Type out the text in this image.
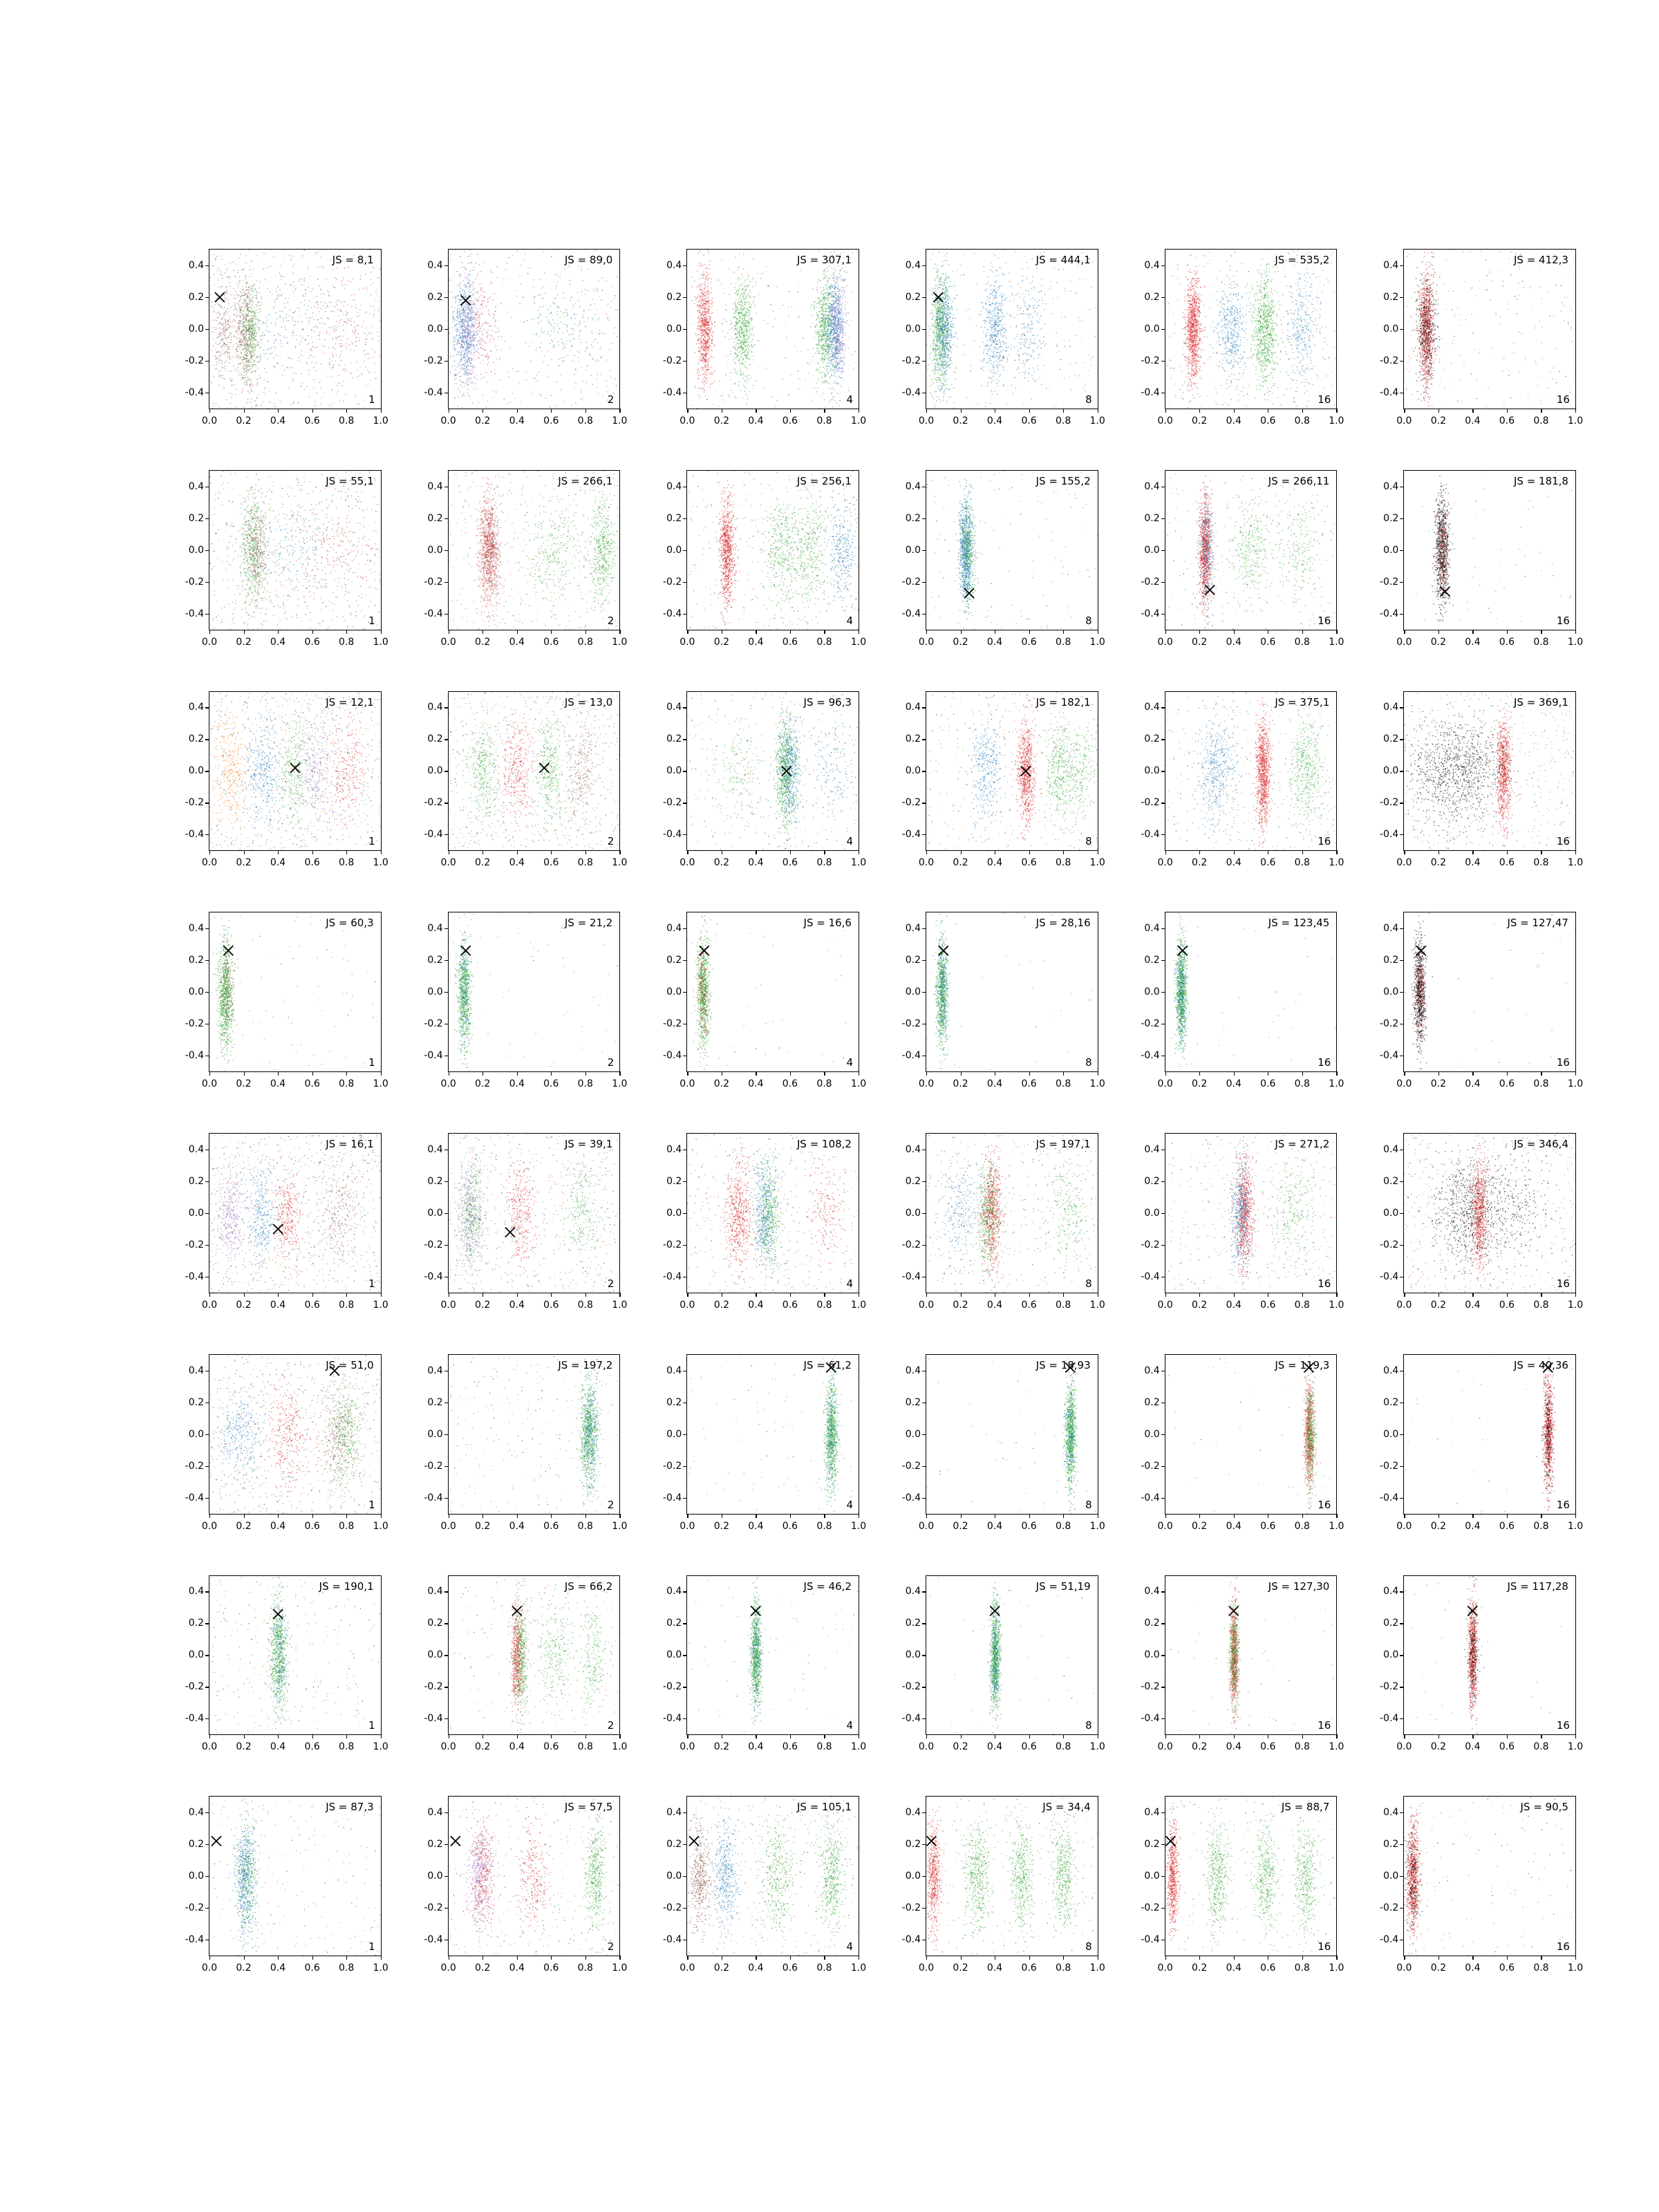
JS = 8,1
1
-0.4
-0.2
0.0
0.2
0.4
0.0 0.2 0.4 0.6 0.8 1.0
JS = 89,0
2
-0.4
-0.2
0.0
0.2
0.4
0.0 0.2 0.4 0.6 0.8 1.0
JS = 307,1
4
-0.4
-0.2
0.0
0.2
0.4
0.0 0.2 0.4 0.6 0.8 1.0
JS = 444,1
8
-0.4
-0.2
0.0
0.2
0.4
0.0 0.2 0.4 0.6 0.8 1.0
JS = 535,2
16
-0.4
-0.2
0.0
0.2
0.4
0.0 0.2 0.4 0.6 0.8 1.0
JS = 412,3
16
-0.4
-0.2
0.0
0.2
0.4
0.0 0.2 0.4 0.6 0.8 1.0
JS = 55,1
1
-0.4
-0.2
0.0
0.2
0.4
0.0 0.2 0.4 0.6 0.8 1.0
JS = 266,1
2
-0.4
-0.2
0.0
0.2
0.4
0.0 0.2 0.4 0.6 0.8 1.0
JS = 256,1
4
-0.4
-0.2
0.0
0.2
0.4
0.0 0.2 0.4 0.6 0.8 1.0
JS = 155,2
8
-0.4
-0.2
0.0
0.2
0.4
0.0 0.2 0.4 0.6 0.8 1.0
JS = 266,11
16
-0.4
-0.2
0.0
0.2
0.4
0.0 0.2 0.4 0.6 0.8 1.0
JS = 181,8
16
-0.4
-0.2
0.0
0.2
0.4
0.0 0.2 0.4 0.6 0.8 1.0
JS = 12,1
1
-0.4
-0.2
0.0
0.2
0.4
0.0 0.2 0.4 0.6 0.8 1.0
JS = 13,0
2
-0.4
-0.2
0.0
0.2
0.4
0.0 0.2 0.4 0.6 0.8 1.0
JS = 96,3
4
-0.4
-0.2
0.0
0.2
0.4
0.0 0.2 0.4 0.6 0.8 1.0
JS = 182,1
8
-0.4
-0.2
0.0
0.2
0.4
0.0 0.2 0.4 0.6 0.8 1.0
JS = 375,1
16
-0.4
-0.2
0.0
0.2
0.4
0.0 0.2 0.4 0.6 0.8 1.0
JS = 369,1
16
-0.4
-0.2
0.0
0.2
0.4
0.0 0.2 0.4 0.6 0.8 1.0
JS = 60,3
1
-0.4
-0.2
0.0
0.2
0.4
0.0 0.2 0.4 0.6 0.8 1.0
JS = 21,2
2
-0.4
-0.2
0.0
0.2
0.4
0.0 0.2 0.4 0.6 0.8 1.0
JS = 16,6
4
-0.4
-0.2
0.0
0.2
0.4
0.0 0.2 0.4 0.6 0.8 1.0
JS = 28,16
8
-0.4
-0.2
0.0
0.2
0.4
0.0 0.2 0.4 0.6 0.8 1.0
JS = 123,45
16
-0.4
-0.2
0.0
0.2
0.4
0.0 0.2 0.4 0.6 0.8 1.0
JS = 127,47
16
-0.4
-0.2
0.0
0.2
0.4
0.0 0.2 0.4 0.6 0.8 1.0
JS = 16,1
1
-0.4
-0.2
0.0
0.2
0.4
0.0 0.2 0.4 0.6 0.8 1.0
JS = 39,1
2
-0.4
-0.2
0.0
0.2
0.4
0.0 0.2 0.4 0.6 0.8 1.0
JS = 108,2
4
-0.4
-0.2
0.0
0.2
0.4
0.0 0.2 0.4 0.6 0.8 1.0
JS = 197,1
8
-0.4
-0.2
0.0
0.2
0.4
0.0 0.2 0.4 0.6 0.8 1.0
JS = 271,2
16
-0.4
-0.2
0.0
0.2
0.4
0.0 0.2 0.4 0.6 0.8 1.0
JS = 346,4
16
-0.4
-0.2
0.0
0.2
0.4
0.0 0.2 0.4 0.6 0.8 1.0
JS = 51,0
1
-0.4
-0.2
0.0
0.2
0.4
0.0 0.2 0.4 0.6 0.8 1.0
JS = 197,2
2
-0.4
-0.2
0.0
0.2
0.4
0.0 0.2 0.4 0.6 0.8 1.0
JS = 61,2
4
-0.4
-0.2
0.0
0.2
0.4
0.0 0.2 0.4 0.6 0.8 1.0
JS = 18,93
8
-0.4
-0.2
0.0
0.2
0.4
0.0 0.2 0.4 0.6 0.8 1.0
JS = 119,3
16
-0.4
-0.2
0.0
0.2
0.4
0.0 0.2 0.4 0.6 0.8 1.0
JS = 40,36
16
-0.4
-0.2
0.0
0.2
0.4
0.0 0.2 0.4 0.6 0.8 1.0
JS = 190,1
1
-0.4
-0.2
0.0
0.2
0.4
0.0 0.2 0.4 0.6 0.8 1.0
JS = 66,2
2
-0.4
-0.2
0.0
0.2
0.4
0.0 0.2 0.4 0.6 0.8 1.0
JS = 46,2
4
-0.4
-0.2
0.0
0.2
0.4
0.0 0.2 0.4 0.6 0.8 1.0
JS = 51,19
8
-0.4
-0.2
0.0
0.2
0.4
0.0 0.2 0.4 0.6 0.8 1.0
JS = 127,30
16
-0.4
-0.2
0.0
0.2
0.4
0.0 0.2 0.4 0.6 0.8 1.0
JS = 117,28
16
-0.4
-0.2
0.0
0.2
0.4
0.0 0.2 0.4 0.6 0.8 1.0
JS = 87,3
1
-0.4
-0.2
0.0
0.2
0.4
0.0 0.2 0.4 0.6 0.8 1.0
JS = 57,5
2
-0.4
-0.2
0.0
0.2
0.4
0.0 0.2 0.4 0.6 0.8 1.0
JS = 105,1
4
-0.4
-0.2
0.0
0.2
0.4
0.0 0.2 0.4 0.6 0.8 1.0
JS = 34,4
8
-0.4
-0.2
0.0
0.2
0.4
0.0 0.2 0.4 0.6 0.8 1.0
JS = 88,7
16
-0.4
-0.2
0.0
0.2
0.4
0.0 0.2 0.4 0.6 0.8 1.0
JS = 90,5
16
-0.4
-0.2
0.0
0.2
0.4
0.0 0.2 0.4 0.6 0.8 1.0
